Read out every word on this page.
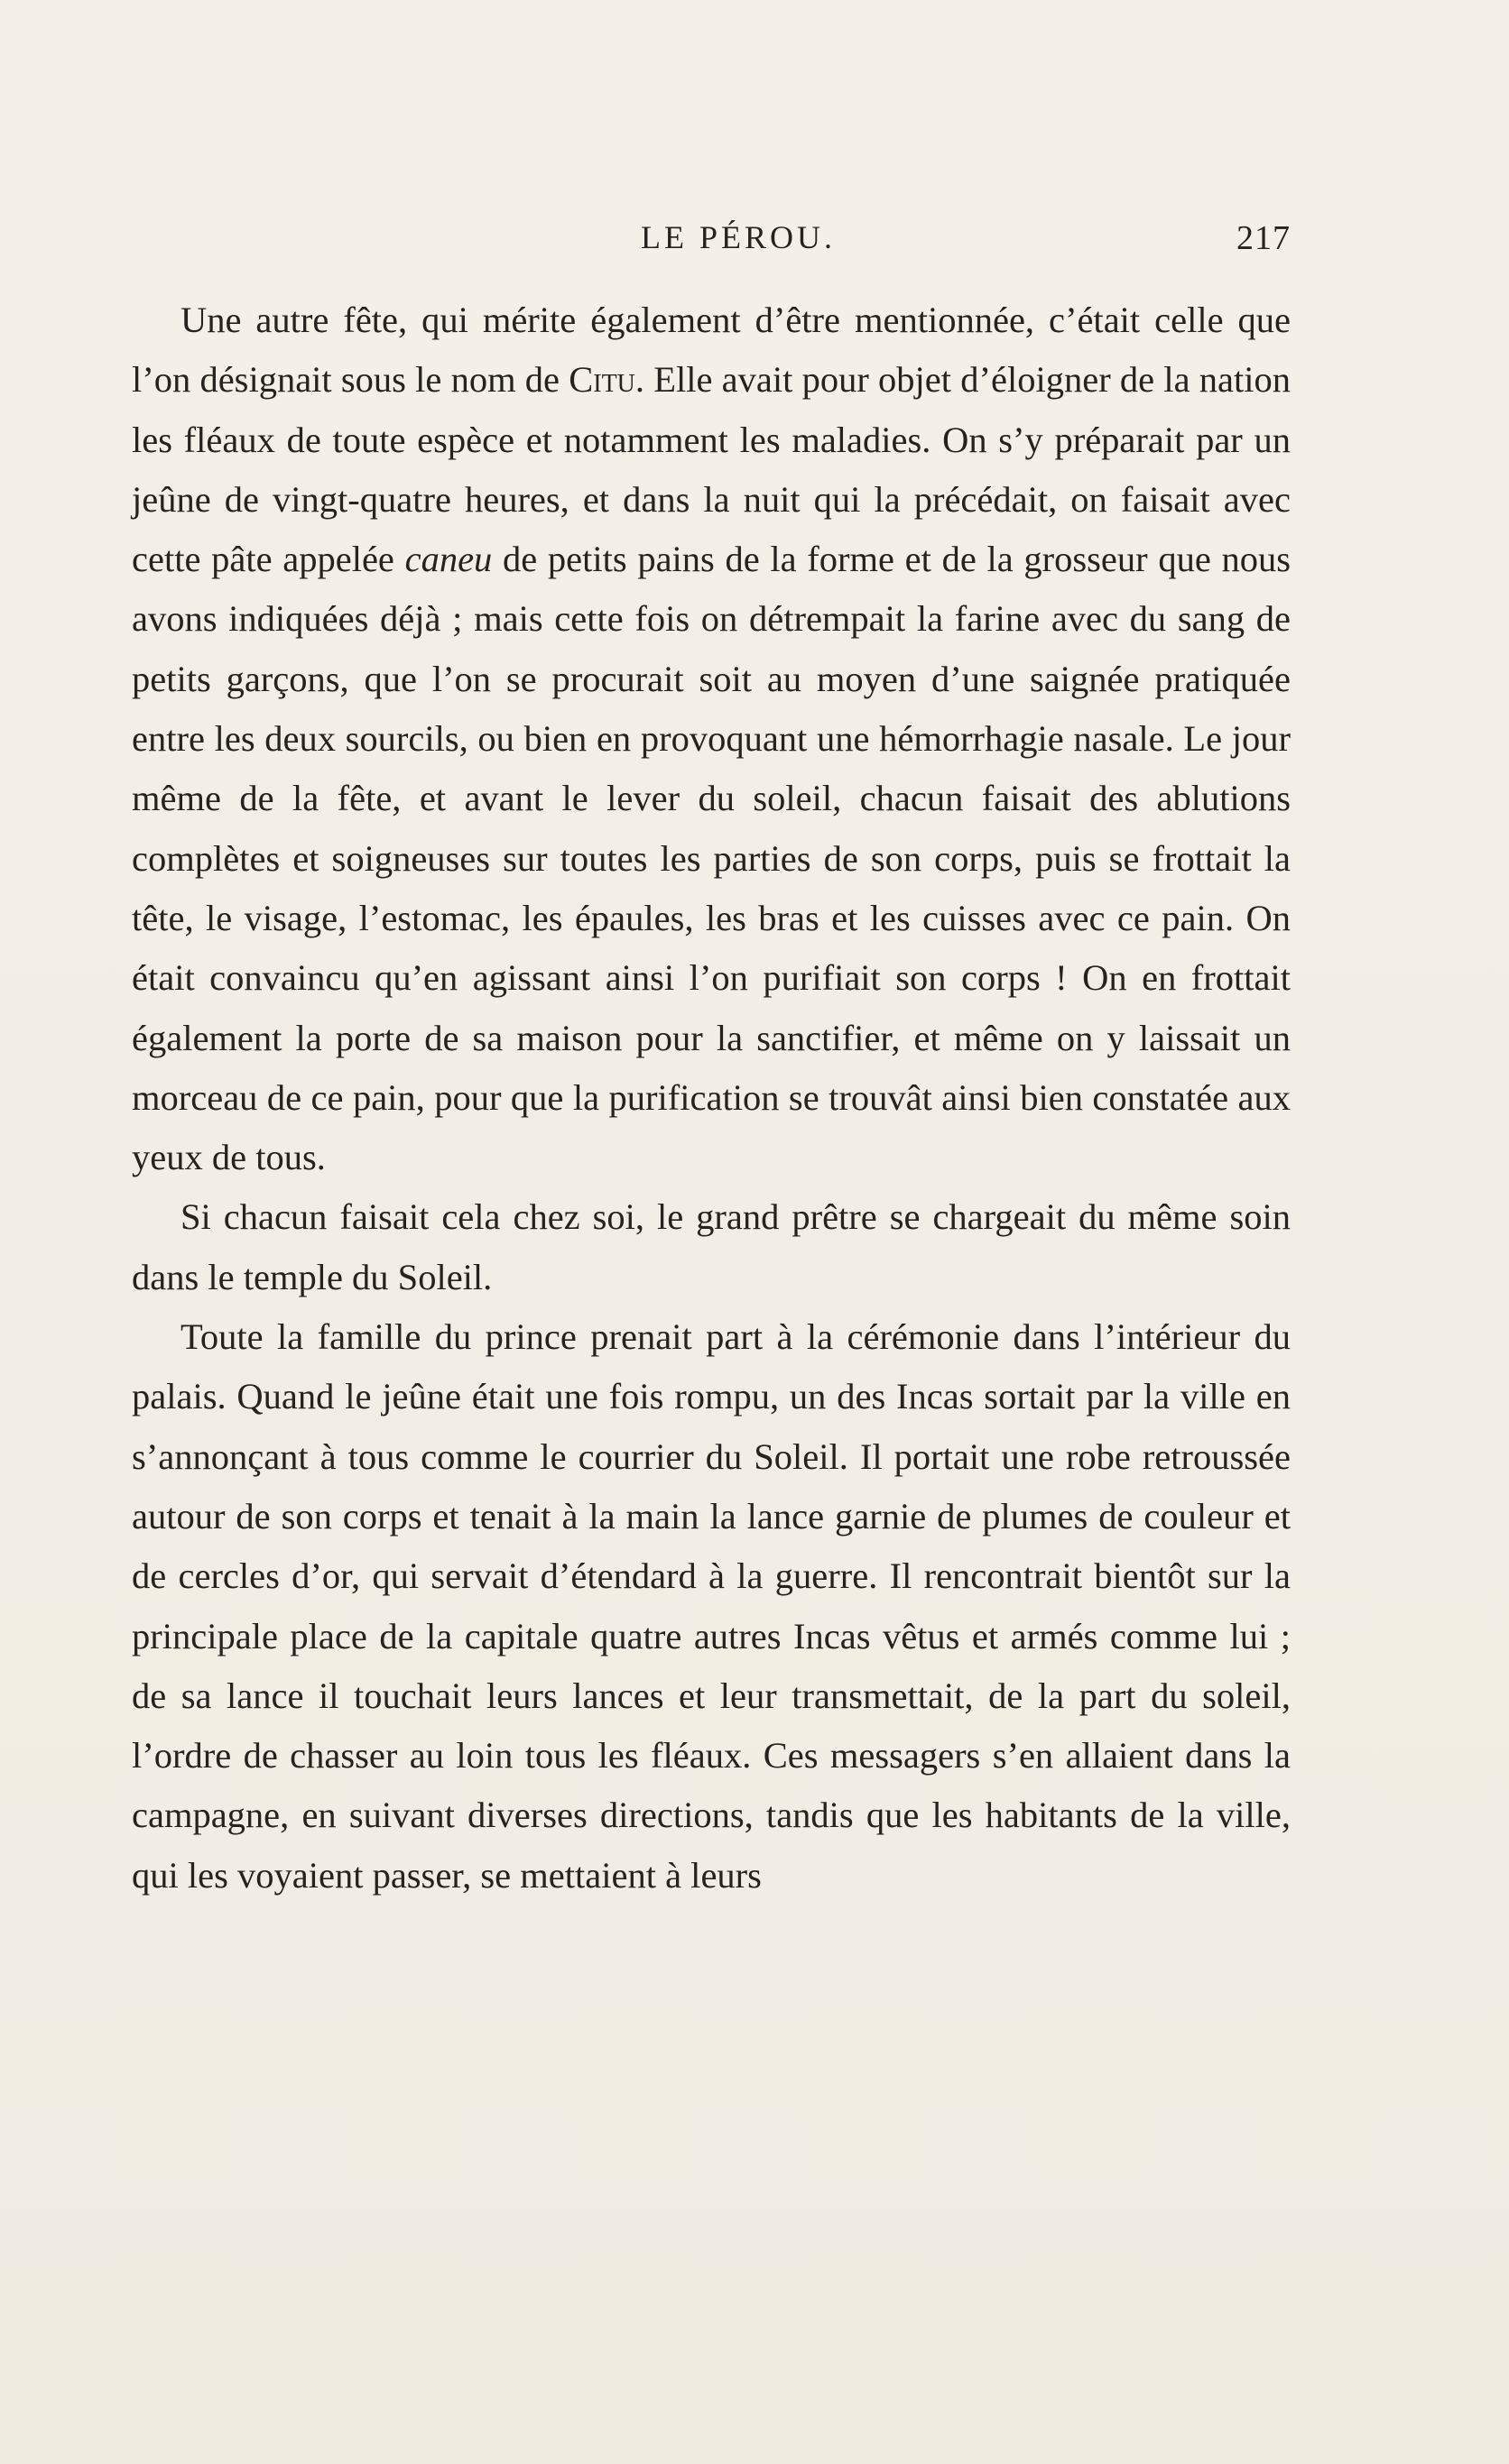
LE PÉROU.	217

Une autre fête, qui mérite également d’être mentionnée, c’était celle que l’on désignait sous le nom de Citu. Elle avait pour objet d’éloigner de la nation les fléaux de toute espèce et notamment les maladies. On s’y préparait par un jeûne de vingt-quatre heures, et dans la nuit qui la précédait, on faisait avec cette pâte appelée caneu de petits pains de la forme et de la grosseur que nous avons indiquées déjà ; mais cette fois on détrempait la farine avec du sang de petits garçons, que l’on se procurait soit au moyen d’une saignée pratiquée entre les deux sourcils, ou bien en provoquant une hémorrhagie nasale. Le jour même de la fête, et avant le lever du soleil, chacun faisait des ablutions complètes et soigneuses sur toutes les parties de son corps, puis se frottait la tête, le visage, l’estomac, les épaules, les bras et les cuisses avec ce pain. On était convaincu qu’en agissant ainsi l’on purifiait son corps ! On en frottait également la porte de sa maison pour la sanctifier, et même on y laissait un morceau de ce pain, pour que la purification se trouvât ainsi bien constatée aux yeux de tous.

Si chacun faisait cela chez soi, le grand prêtre se chargeait du même soin dans le temple du Soleil.

Toute la famille du prince prenait part à la cérémonie dans l’intérieur du palais. Quand le jeûne était une fois rompu, un des Incas sortait par la ville en s’annonçant à tous comme le courrier du Soleil. Il portait une robe retroussée autour de son corps et tenait à la main la lance garnie de plumes de couleur et de cercles d’or, qui servait d’étendard à la guerre. Il rencontrait bientôt sur la principale place de la capitale quatre autres Incas vêtus et armés comme lui ; de sa lance il touchait leurs lances et leur transmettait, de la part du soleil, l’ordre de chasser au loin tous les fléaux. Ces messagers s’en allaient dans la campagne, en suivant diverses directions, tandis que les habitants de la ville, qui les voyaient passer, se mettaient à leurs
